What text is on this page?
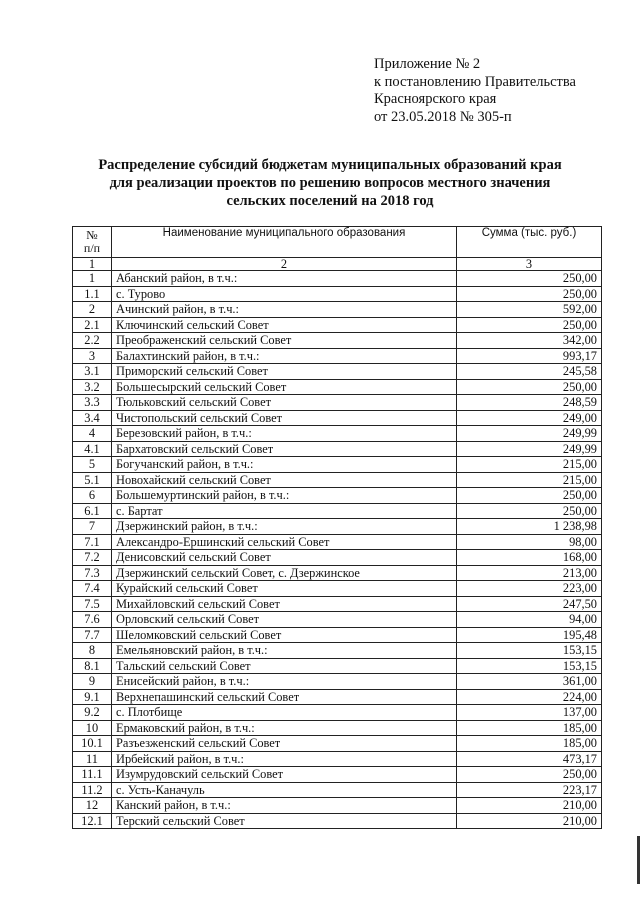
Приложение № 2
к постановлению Правительства
Красноярского края
от 23.05.2018 № 305-п
Распределение субсидий бюджетам муниципальных образований края
для реализации проектов по решению вопросов местного значения
сельских поселений на 2018 год
№
п/п	Наименование муниципального образования	Сумма (тыс. руб.)
1	2	3
1	Абанский район, в т.ч.:	250,00
1.1	с. Турово	250,00
2	Ачинский район, в т.ч.:	592,00
2.1	Ключинский сельский Совет	250,00
2.2	Преображенский сельский Совет	342,00
3	Балахтинский район, в т.ч.:	993,17
3.1	Приморский сельский Совет	245,58
3.2	Большесырский сельский Совет	250,00
3.3	Тюльковский сельский Совет	248,59
3.4	Чистопольский сельский Совет	249,00
4	Березовский район, в т.ч.:	249,99
4.1	Бархатовский сельский Совет	249,99
5	Богучанский район, в т.ч.:	215,00
5.1	Новохайский сельский Совет	215,00
6	Большемуртинский район, в т.ч.:	250,00
6.1	с. Бартат	250,00
7	Дзержинский район, в т.ч.:	1 238,98
7.1	Александро-Ершинский сельский Совет	98,00
7.2	Денисовский сельский Совет	168,00
7.3	Дзержинский сельский Совет, с. Дзержинское	213,00
7.4	Курайский сельский Совет	223,00
7.5	Михайловский сельский Совет	247,50
7.6	Орловский сельский Совет	94,00
7.7	Шеломковский сельский Совет	195,48
8	Емельяновский район, в т.ч.:	153,15
8.1	Тальский сельский Совет	153,15
9	Енисейский район, в т.ч.:	361,00
9.1	Верхнепашинский сельский Совет	224,00
9.2	с. Плотбище	137,00
10	Ермаковский район, в т.ч.:	185,00
10.1	Разъезженский сельский Совет	185,00
11	Ирбейский район, в т.ч.:	473,17
11.1	Изумрудовский сельский Совет	250,00
11.2	с. Усть-Каначуль	223,17
12	Канский район, в т.ч.:	210,00
12.1	Терский сельский Совет	210,00
